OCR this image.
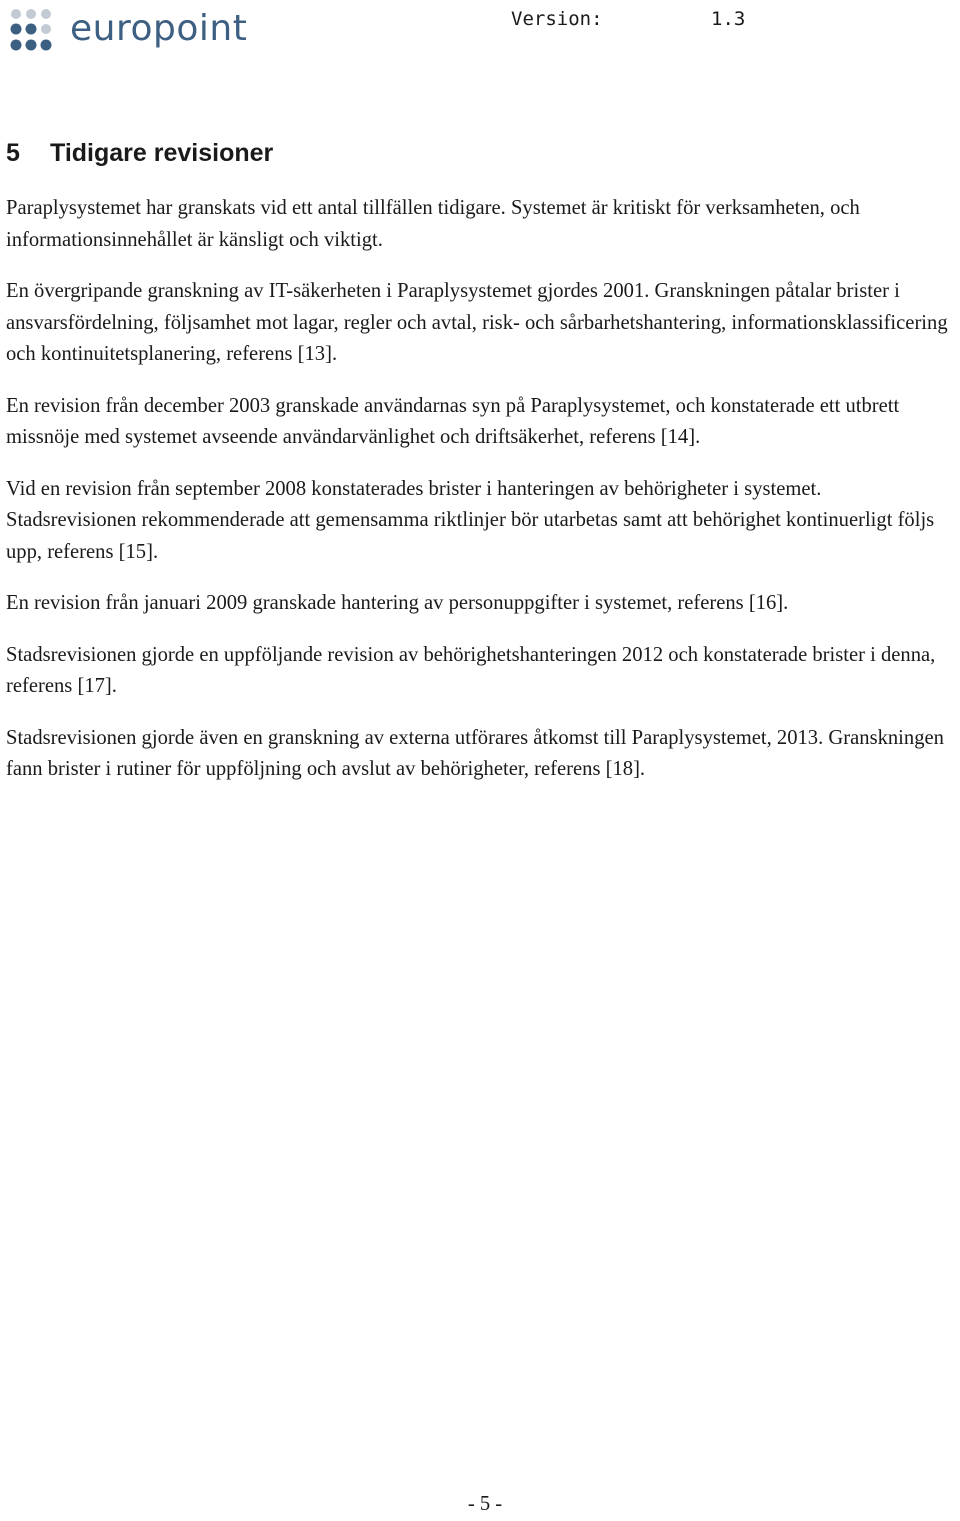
europoint	Version:	1.3
5 Tidigare revisioner

Paraplysystemet har granskats vid ett antal tillfällen tidigare. Systemet är kritiskt för verksamheten, och informationsinnehållet är känsligt och viktigt.

En övergripande granskning av IT-säkerheten i Paraplysystemet gjordes 2001. Granskningen påtalar brister i ansvarsfördelning, följsamhet mot lagar, regler och avtal, risk- och sårbarhetshantering, informationsklassificering och kontinuitetsplanering, referens [13].

En revision från december 2003 granskade användarnas syn på Paraplysystemet, och konstaterade ett utbrett missnöje med systemet avseende användarvänlighet och driftsäkerhet, referens [14].

Vid en revision från september 2008 konstaterades brister i hanteringen av behörigheter i systemet. Stadsrevisionen rekommenderade att gemensamma riktlinjer bör utarbetas samt att behörighet kontinuerligt följs upp, referens [15].

En revision från januari 2009 granskade hantering av personuppgifter i systemet, referens [16].

Stadsrevisionen gjorde en uppföljande revision av behörighetshanteringen 2012 och konstaterade brister i denna, referens [17].

Stadsrevisionen gjorde även en granskning av externa utförares åtkomst till Paraplysystemet, 2013. Granskningen fann brister i rutiner för uppföljning och avslut av behörigheter, referens [18].

- 5 -
